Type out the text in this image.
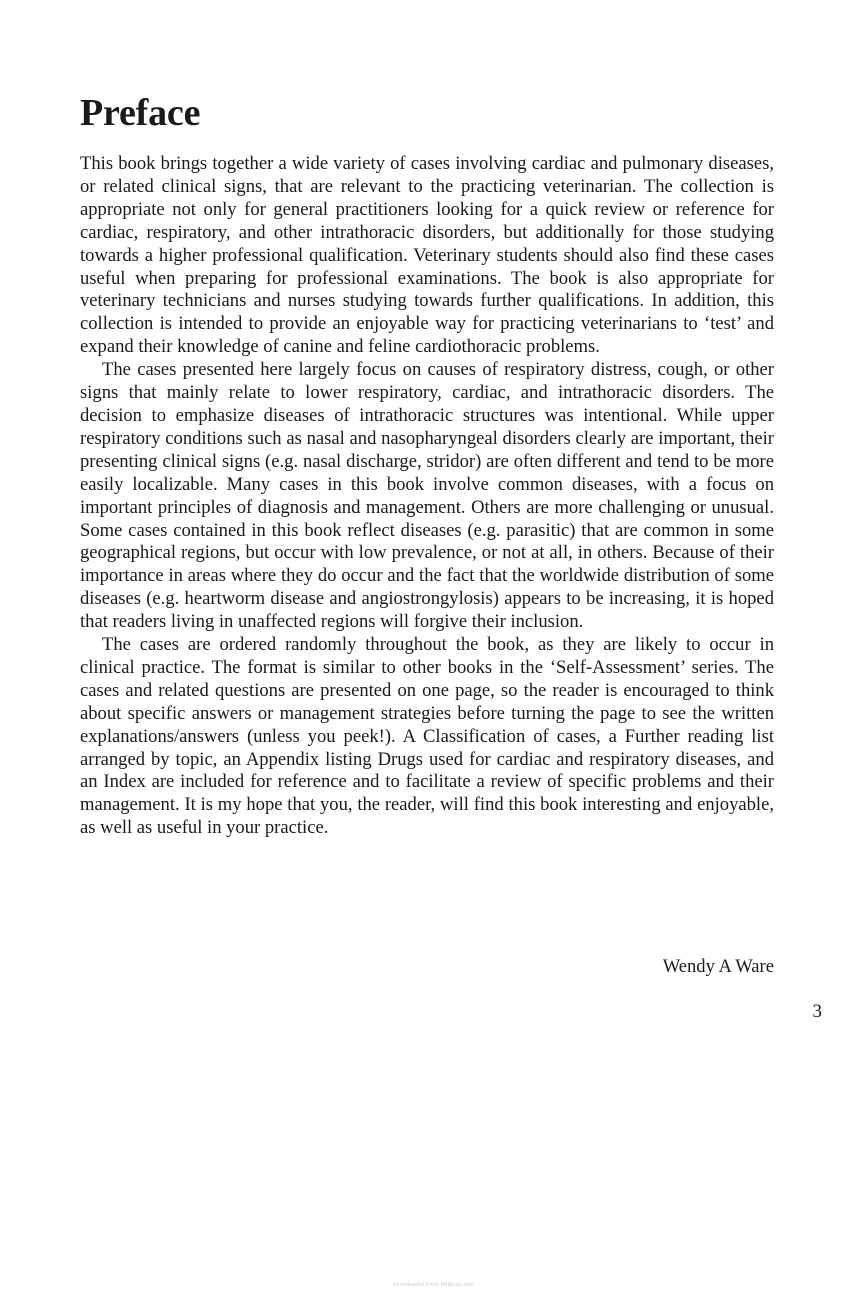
Preface

This book brings together a wide variety of cases involving cardiac and pulmonary diseases, or related clinical signs, that are relevant to the practicing veterinarian. The collection is appropriate not only for general practitioners looking for a quick review or reference for cardiac, respiratory, and other intrathoracic disorders, but additionally for those studying towards a higher professional qualification. Veterinary students should also find these cases useful when preparing for professional examinations. The book is also appropriate for veterinary technicians and nurses studying towards further qualifications. In addition, this collection is intended to provide an enjoyable way for practicing veterinarians to ‘test’ and expand their knowledge of canine and feline cardiothoracic problems.

The cases presented here largely focus on causes of respiratory distress, cough, or other signs that mainly relate to lower respiratory, cardiac, and intrathoracic disorders. The decision to emphasize diseases of intrathoracic structures was intentional. While upper respiratory conditions such as nasal and nasopharyngeal disorders clearly are important, their presenting clinical signs (e.g. nasal discharge, stridor) are often different and tend to be more easily localizable. Many cases in this book involve common diseases, with a focus on important principles of diagnosis and management. Others are more challenging or unusual. Some cases contained in this book reflect diseases (e.g. parasitic) that are common in some geographical regions, but occur with low prevalence, or not at all, in others. Because of their importance in areas where they do occur and the fact that the worldwide distribution of some diseases (e.g. heartworm disease and angiostrongylosis) appears to be increasing, it is hoped that readers living in unaffected regions will forgive their inclusion.

The cases are ordered randomly throughout the book, as they are likely to occur in clinical practice. The format is similar to other books in the ‘Self-Assessment’ series. The cases and related questions are presented on one page, so the reader is encouraged to think about specific answers or management strategies before turning the page to see the written explanations/answers (unless you peek!). A Classification of cases, a Further reading list arranged by topic, an Appendix listing Drugs used for cardiac and respiratory diseases, and an Index are included for reference and to facilitate a review of specific problems and their management. It is my hope that you, the reader, will find this book interesting and enjoyable, as well as useful in your practice.

Wendy A Ware
3
Downloaded From VetBooks.com
